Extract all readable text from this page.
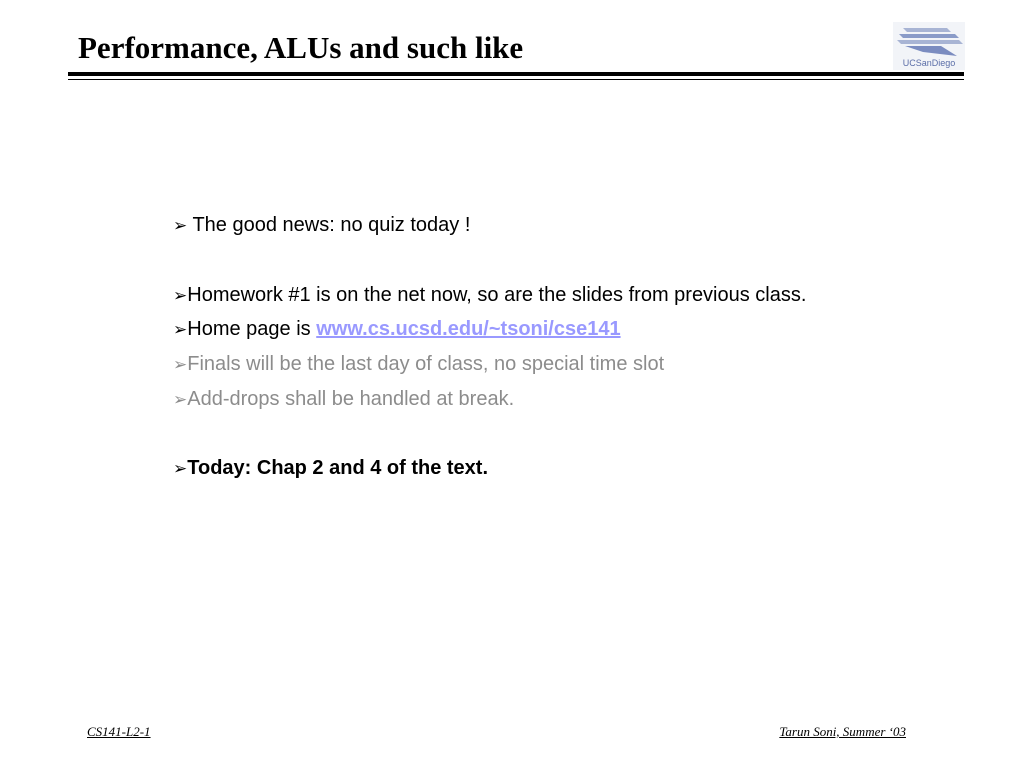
Performance, ALUs and such like	UCSanDiego

➢ The good news: no quiz today !

➢Homework #1 is on the net now, so are the slides from previous class.

➢Home page is www.cs.ucsd.edu/~tsoni/cse141

➢Finals will be the last day of class, no special time slot

➢Add-drops shall be handled at break.

➢Today: Chap 2 and 4 of the text.

CS141-L2-1	Tarun Soni, Summer ‘03
